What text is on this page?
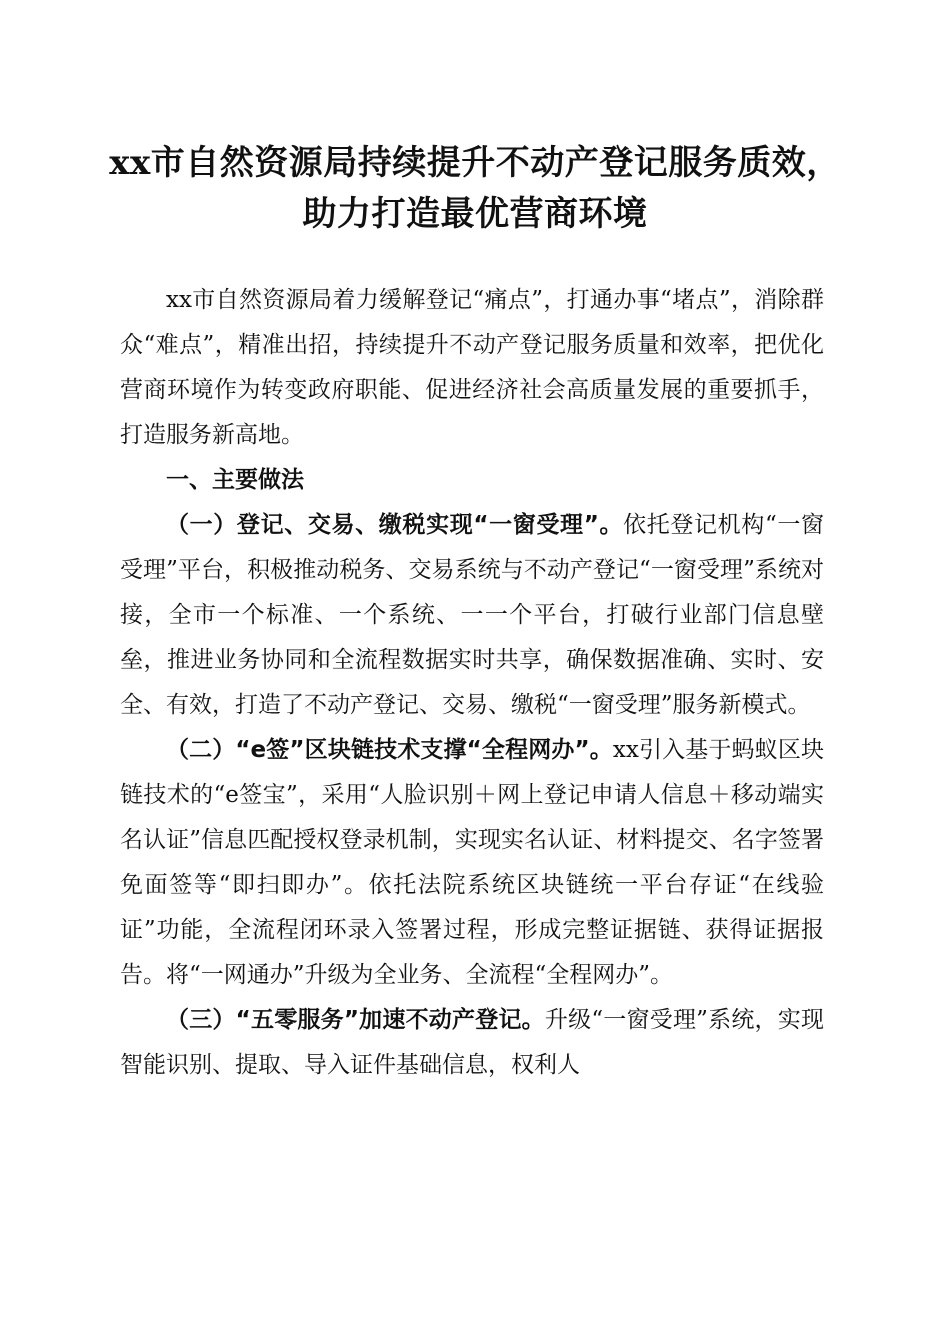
xx市自然资源局持续提升不动产登记服务质效，助力打造最优营商环境

xx市自然资源局着力缓解登记“痛点”，打通办事“堵点”，消除群众“难点”，精准出招，持续提升不动产登记服务质量和效率，把优化营商环境作为转变政府职能、促进经济社会高质量发展的重要抓手，打造服务新高地。

一、主要做法

（一）登记、交易、缴税实现“一窗受理”。依托登记机构“一窗受理”平台，积极推动税务、交易系统与不动产登记“一窗受理”系统对接，全市一个标准、一个系统、一一个平台，打破行业部门信息壁垒，推进业务协同和全流程数据实时共享，确保数据准确、实时、安全、有效，打造了不动产登记、交易、缴税“一窗受理”服务新模式。

（二）“e签”区块链技术支撑“全程网办”。xx引入基于蚂蚁区块链技术的“e签宝”，采用“人脸识别＋网上登记申请人信息＋移动端实名认证”信息匹配授权登录机制，实现实名认证、材料提交、名字签署免面签等“即扫即办”。依托法院系统区块链统一平台存证“在线验证”功能，全流程闭环录入签署过程，形成完整证据链、获得证据报告。将“一网通办”升级为全业务、全流程“全程网办”。

（三）“五零服务”加速不动产登记。升级“一窗受理”系统，实现智能识别、提取、导入证件基础信息，权利人
